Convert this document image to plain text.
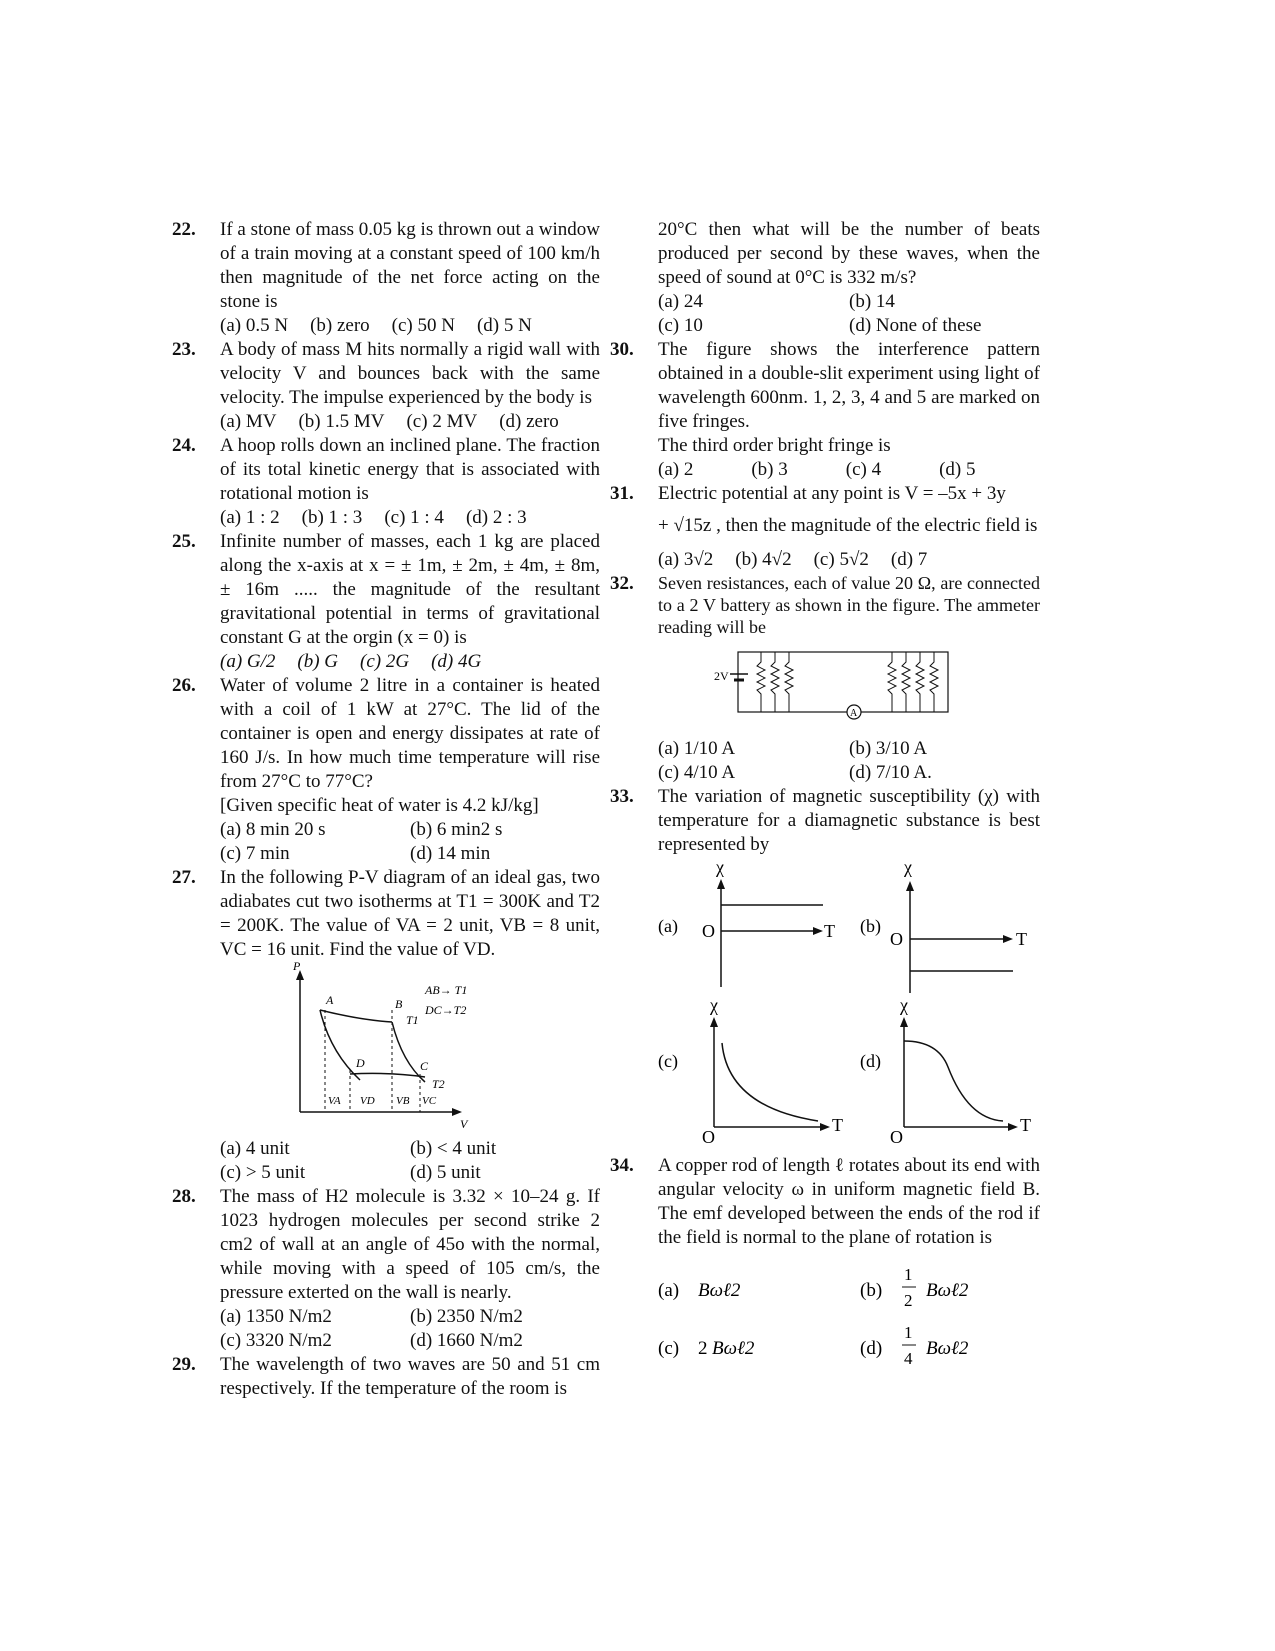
22.	If a stone of mass 0.05 kg is thrown out a window of a train moving at a constant speed of 100 km/h then magnitude of the net force acting on the stone is

(a) 0.5 N (b) zero (c) 50 N (d) 5 N
23.	A body of mass M hits normally a rigid wall with velocity V and bounces back with the same velocity. The impulse experienced by the body is

(a) MV (b) 1.5 MV (c) 2 MV (d) zero
24.	A hoop rolls down an inclined plane. The fraction of its total kinetic energy that is associated with rotational motion is

(a) 1 : 2 (b) 1 : 3 (c) 1 : 4 (d) 2 : 3
25.	Infinite number of masses, each 1 kg are placed along the x-axis at x = ± 1m, ± 2m, ± 4m, ± 8m, ± 16m ..... the magnitude of the resultant gravitational potential in terms of gravitational constant G at the orgin (x = 0) is

(a) G/2 (b) G (c) 2G (d) 4G
26.	Water of volume 2 litre in a container is heated with a coil of 1 kW at 27°C. The lid of the container is open and energy dissipates at rate of 160 J/s. In how much time temperature will rise from 27°C to 77°C?

[Given specific heat of water is 4.2 kJ/kg]

(a) 8 min 20 s	(b) 6 min2 s
(c) 7 min	(d) 14 min
27.	In the following P-V diagram of an ideal gas, two adiabates cut two isotherms at T1 = 300K and T2 = 200K. The value of VA = 2 unit, VB = 8 unit, VC = 16 unit. Find the value of VD.

P
V
A	B
C
D
T1
T2
VA VD VB VC
AB→ T1
DC→T2
(a) 4 unit	(b) < 4 unit
(c) > 5 unit	(d) 5 unit
28.	The mass of H2 molecule is 3.32 × 10–24 g. If 1023 hydrogen molecules per second strike 2 cm2 of wall at an angle of 45o with the normal, while moving with a speed of 105 cm/s, the pressure exterted on the wall is nearly.

(a) 1350 N/m2	(b) 2350 N/m2
(c) 3320 N/m2	(d) 1660 N/m2
29.	The wavelength of two waves are 50 and 51 cm respectively. If the temperature of the room is

20°C then what will be the number of beats produced per second by these waves, when the speed of sound at 0°C is 332 m/s?

(a) 24	(b) 14
(c) 10	(d) None of these
30.	The figure shows the interference pattern obtained in a double-slit experiment using light of wavelength 600nm. 1, 2, 3, 4 and 5 are marked on five fringes.

The third order bright fringe is

(a) 2	(b) 3	(c) 4	(d) 5
31.	Electric potential at any point is V = –5x + 3y

+ √15z , then the magnitude of the electric field is

(a) 3√2 (b) 4√2 (c) 5√2 (d) 7
32.	Seven resistances, each of value 20 Ω, are connected to a 2 V battery as shown in the figure. The ammeter reading will be

2V
A
(a) 1/10 A	(b) 3/10 A
(c) 4/10 A	(d) 7/10 A.
33.	The variation of magnetic susceptibility (χ) with temperature for a diamagnetic substance is best represented by

(a)
χ
O	T (b)
χ
O	T
(c)
χ
O
T
(d)
χ
O
T
34.	A copper rod of length ℓ rotates about its end with angular velocity ω in uniform magnetic field B. The emf developed between the ends of the rod if the field is normal to the plane of rotation is

(a) Bωℓ2	(b)
1
2 Bωℓ2
(c) 2 Bωℓ2	(d)
1
4 Bωℓ2
